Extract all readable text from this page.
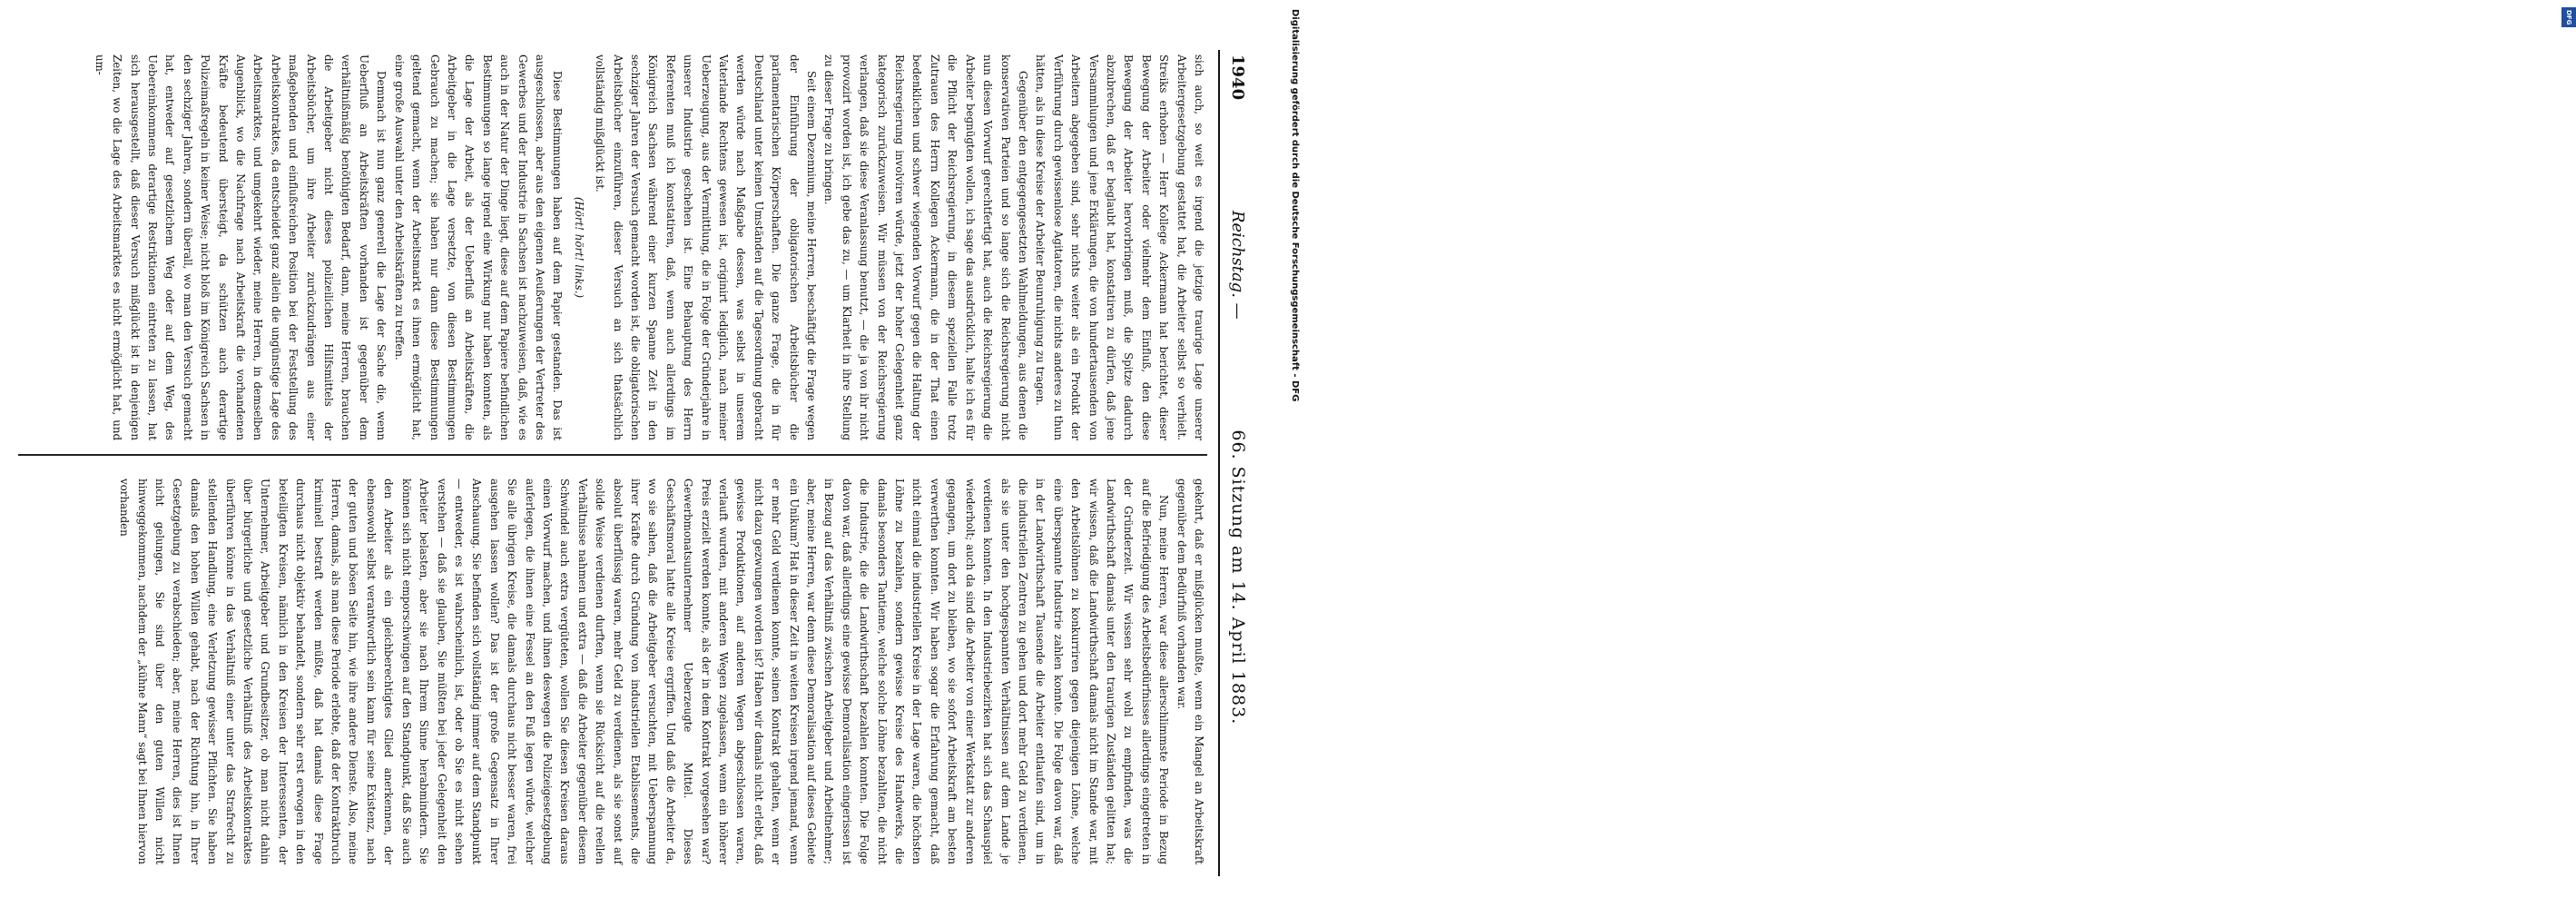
1940
Reichstag. —
66. Sitzung am 14. April 1883.

sich auch, so weit es irgend die jetzige traurige Lage unserer Arbeitergesetzgebung gestattet hat, die Arbeiter selbst so verhielt. Streiks erhoben — Herr Kollege Ackermann hat berichtet, dieser Bewegung der Arbeiter oder vielmehr dem Einfluß, den diese Bewegung der Arbeiter hervorbringen muß, die Spitze dadurch abzubrechen, daß er beglaubt hat, konstatiren zu dürfen, daß jene Versammlungen und jene Erklärungen, die von hundertausenden von Arbeitern abgegeben sind, sehr nichts weiter als ein Produkt der Verführung durch gewissenlose Agitatoren, die nichts anderes zu thun hätten, als in diese Kreise der Arbeiter Beunruhigung zu tragen.

Gegenüber den entgegengesetzten Wahlmeldungen, aus denen die konservativen Parteien und so lange sich die Reichsregierung nicht nun diesen Vorwurf gerechtfertigt hat, auch die Reichsregierung die Arbeiter begnügten wollen, ich sage das ausdrücklich, halte ich es für die Pflicht der Reichsregierung, in diesem speziellen Falle trotz Zutrauen des Herrn Kollegen Ackermann, die in der That einen bedenklichen und schwer wiegenden Vorwurf gegen die Haltung der Reichsregierung involviren würde, jetzt der hoher Gelegenheit ganz kategorisch zurückzuweisen. Wir müssen von der Reichsregierung verlangen, daß sie diese Veranlassung benutzt, — die ja von ihr nicht provozirt worden ist, ich gebe das zu, — um Klarheit in ihre Stellung zu dieser Frage zu bringen.

Seit einem Dezennium, meine Herren, beschäftigt die Frage wegen der Einführung der obligatorischen Arbeitsbücher die parlamentarischen Körperschaften. Die ganze Frage, die in für Deutschland unter keinen Umständen auf die Tagesordnung gebracht werden würde nach Maßgabe dessen, was selbst in unserem Vaterlande Rechtens gewesen ist, originirt lediglich, nach meiner Ueberzeugung, aus der Vermittlung, die in Folge der Gründerjahre in unserer Industrie geschehen ist. Eine Behauptung des Herrn Referenten muß ich konstatiren, daß, wenn auch allerdings im Königreich Sachsen während einer kurzen Spanne Zeit in den sechziger Jahren der Versuch gemacht worden ist, die obligatorischen Arbeitsbücher einzuführen, dieser Versuch an sich thatsächlich vollständig mißglückt ist.

(Hört! hört! links.)

Diese Bestimmungen haben auf dem Papier gestanden. Das ist ausgeschlossen, aber aus den eigenen Aeußerungen der Vertreter des Gewerbes und der Industrie in Sachsen ist nachzuweisen, daß, wie es auch in der Natur der Dinge liegt, diese auf dem Papiere befindlichen Bestimmungen so lange irgend eine Wirkung nur haben konnten, als die Lage der Arbeit, als der Ueberfluß an Arbeitskräften, die Arbeitgeber in die Lage versetzte, von diesen Bestimmungen Gebrauch zu machen; sie haben nur dann diese Bestimmungen geltend gemacht, wenn der Arbeitsmarkt es ihnen ermöglicht hat, eine große Auswahl unter den Arbeitskräften zu treffen.

Demnach ist nun ganz generell die Lage der Sache die, wenn Ueberfluß an Arbeitskräften vorhanden ist gegenüber dem verhältnißmäßig benöthigten Bedarf, dann, meine Herren, brauchen die Arbeitgeber nicht dieses polizeilichen Hilfsmittels der Arbeitsbücher, um ihre Arbeiter zurückzudrängen aus einer maßgebenden und einflußreichen Position bei der Feststellung des Arbeitskontraktes, da entscheidet ganz allein die ungünstige Lage des Arbeitsmarktes, und umgekehrt wieder, meine Herren, in demselben Augenblick, wo die Nachfrage nach Arbeitskraft die vorhandenen Kräfte bedeutend übersteigt, da schützen auch derartige Polizeimaßregeln in keiner Weise; nicht bloß im Königreich Sachsen in den sechziger Jahren, sondern überall, wo man den Versuch gemacht hat, entweder auf gesetzlichem Weg oder auf dem Weg, des Uebereinkommens derartige Restriktionen eintreten zu lassen, hat sich herausgestellt, daß dieser Versuch mißglückt ist in denjenigen Zeiten, wo die Lage des Arbeitsmarktes es nicht ermöglicht hat, und um-

gekehrt, daß er mißglücken mußte, wenn ein Mangel an Arbeitskraft gegenüber dem Bedürfniß vorhanden war.

Nun, meine Herren, war diese allerschlimmste Periode in Bezug auf die Befriedigung des Arbeitsbedürfnisses allerdings eingetreten in der Gründerzeit. Wir wissen sehr wohl zu empfinden, was die Landwirthschaft damals unter den traurigen Zuständen gelitten hat; wir wissen, daß die Landwirthschaft damals nicht im Stande war, mit den Arbeitslöhnen zu konkurriren gegen diejenigen Löhne, welche eine überspannte Industrie zahlen konnte. Die Folge davon war, daß in der Landwirthschaft Tausende die Arbeiter entlaufen sind, um in die industriellen Zentren zu gehen und dort mehr Geld zu verdienen, als sie unter den hochgespannten Verhältnissen auf dem Lande je verdienen konnten. In den Industriebezirken hat sich das Schauspiel wiederholt; auch da sind die Arbeiter von einer Werkstatt zur anderen gegangen, um dort zu bleiben, wo sie sofort Arbeitskraft am besten verwerthen konnten. Wir haben sogar die Erfahrung gemacht, daß nicht einmal die industriellen Kreise in der Lage waren, die höchsten Löhne zu bezahlen, sondern gewisse Kreise des Handwerks, die damals besonders Tantieme, welche solche Löhne bezahlten, die nicht die Industrie, die die Landwirthschaft bezahlen konnten. Die Folge davon war, daß allerdings eine gewisse Demoralisation eingerissen ist in Bezug auf das Verhältniß zwischen Arbeitgeber und Arbeitnehmer; aber, meine Herren, war denn diese Demoralisation auf dieses Gebiete ein Unikum? Hat in dieser Zeit in weiten Kreisen irgend jemand, wenn er mehr Geld verdienen konnte, seinen Kontrakt gehalten, wenn er nicht dazu gezwungen worden ist? Haben wir damals nicht erlebt, daß gewisse Produktionen, auf anderen Wegen abgeschlossen waren, verlauft wurden, mit anderen Wegen zugelassen, wenn ein höherer Preis erzielt werden konnte, als der in dem Kontrakt vorgesehen war? Gewerbmonatsunternehmer Ueberzeugte Mittel. Dieses Geschäftsmoral hatte alle Kreise ergriffen. Und daß die Arbeiter da, wo sie sahen, daß die Arbeitgeber versuchten, mit Ueberspannung ihrer Kräfte durch Gründung von industriellen Etablissements, die absolut überflüssig waren, mehr Geld zu verdienen, als sie sonst auf solide Weise verdienen durften, wenn sie Rücksicht auf die reellen Verhältnisse nahmen und extra — daß die Arbeiter gegenüber diesem Schwindel auch extra vergüteten, wollen Sie diesen Kreisen daraus einen Vorwurf machen, und ihnen deswegen die Polizeigesetzgebung auferlegen, die ihnen eine Fessel an den Fuß legen würde, welcher Sie alle übrigen Kreise, die damals durchaus nicht besser waren, frei ausgehen lassen wollen? Das ist der große Gegensatz in Ihrer Anschauung. Sie befinden sich vollständig immer auf dem Standpunkt — entweder, es ist wahrscheinlich, ist, oder ob Sie es nicht sehen verstehen — daß sie glauben, Sie müßten bei jeder Gelegenheit den Arbeiter belasten, aber sie nach Ihrem Sinne herabmindern. Sie können sich nicht emporschwingen auf den Standpunkt, daß Sie auch den Arbeiter als ein gleichberechtigtes Glied anerkennen, der ebensowohl selbst verantwortlich sein kann für seine Existenz, nach der guten und bösen Seite hin, wie ihre andere Dienste. Also, meine Herren, damals, als man diese Periode erlebte, daß der Kontraktbruch kriminell bestraft werden müßte, daß hat damals diese Frage durchaus nicht objektiv behandelt, sondern sehr erst erwogen in den beteiligten Kreisen, nämlich in den Kreisen der Interessenten, der Unternehmer, Arbeitgeber und Grundbesitzer, ob man nicht dahin über bürgerliche und gesetzliche Verhältniß des Arbeitskontraktes überführen könne in das Verhältniß einer unter das Strafrecht zu stellenden Handlung, eine Verletzung gewisser Pflichten. Sie haben damals den hohen Willen gehabt, nach der Richtung hin, in Ihrer Gesetzgebung zu verabschieden; aber, meine Herren, dies ist Ihnen nicht gelungen, Sie sind über den guten Willen nicht hinweggekommen, nachdem der „kühne Mann“ sagt bei Ihnen hiervon vorhanden

DFG
Digitalisierung gefördert durch die Deutsche Forschungsgemeinschaft - DFG
